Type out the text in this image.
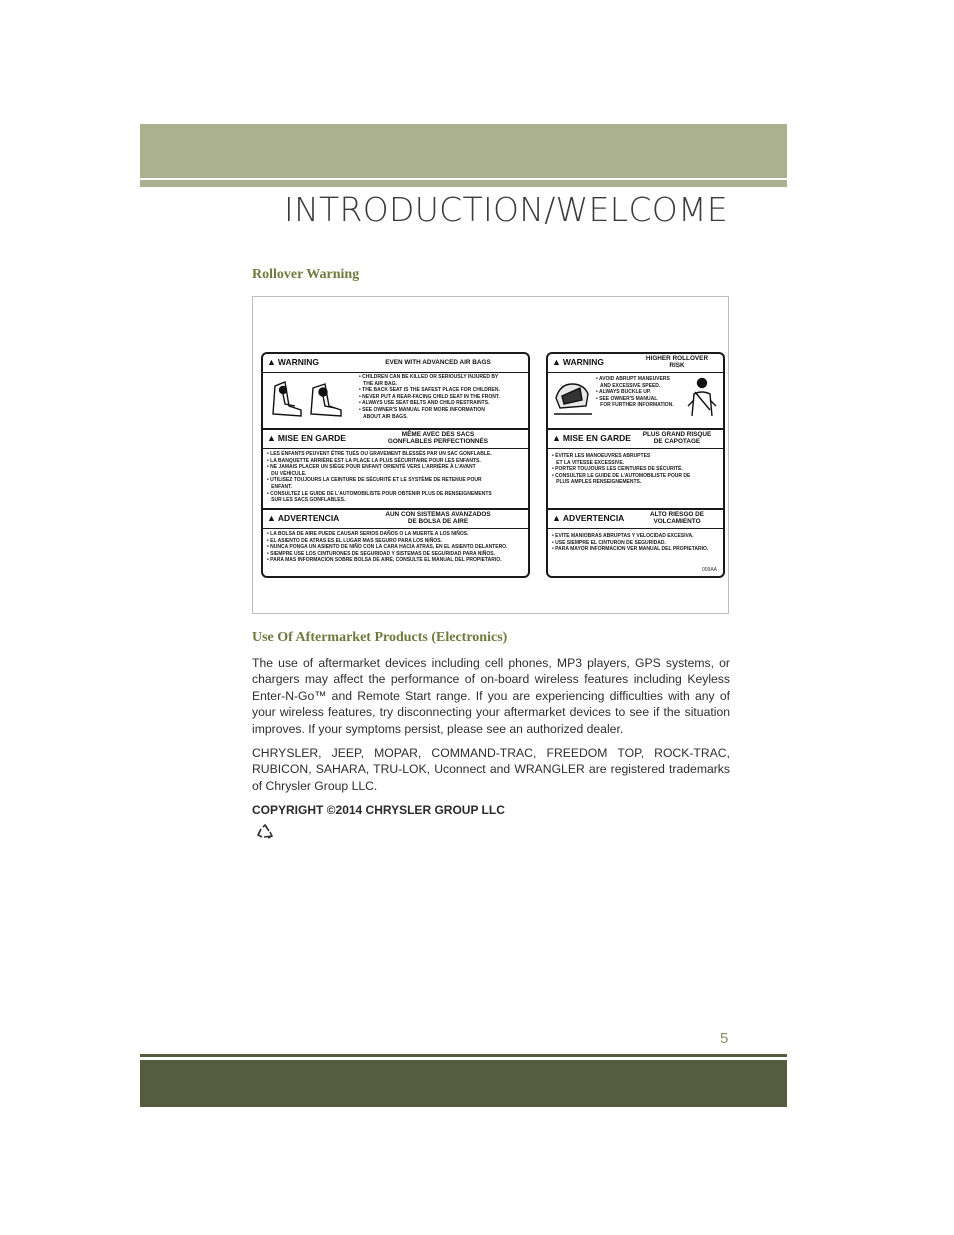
INTRODUCTION/WELCOME
Rollover Warning
▲ WARNING	EVEN WITH ADVANCED AIR BAGS
• CHILDREN CAN BE KILLED OR SERIOUSLY INJURED BY
THE AIR BAG.
• THE BACK SEAT IS THE SAFEST PLACE FOR CHILDREN.
• NEVER PUT A REAR-FACING CHILD SEAT IN THE FRONT.
• ALWAYS USE SEAT BELTS AND CHILD RESTRAINTS.
• SEE OWNER'S MANUAL FOR MORE INFORMATION
ABOUT AIR BAGS.
▲ MISE EN GARDE	MÊME AVEC DES SACS
GONFLABLES PERFECTIONNÉS
• LES ENFANTS PEUVENT ÊTRE TUÉS OU GRAVEMENT BLESSÉS PAR UN SAC GONFLABLE.
• LA BANQUETTE ARRIÈRE EST LA PLACE LA PLUS SÉCURITAIRE POUR LES ENFANTS.
• NE JAMAIS PLACER UN SIÈGE POUR ENFANT ORIENTÉ VERS L'ARRIÈRE À L'AVANT
DU VÉHICULE.
• UTILISEZ TOUJOURS LA CEINTURE DE SÉCURITÉ ET LE SYSTÈME DE RETENUE POUR
ENFANT.
• CONSULTEZ LE GUIDE DE L'AUTOMOBILISTE POUR OBTENIR PLUS DE RENSEIGNEMENTS
SUR LES SACS GONFLABLES.
▲ ADVERTENCIA	AUN CON SISTEMAS AVANZADOS
DE BOLSA DE AIRE
• LA BOLSA DE AIRE PUEDE CAUSAR SERIOS DAÑOS O LA MUERTE A LOS NIÑOS.
• EL ASIENTO DE ATRAS ES EL LUGAR MAS SEGURO PARA LOS NIÑOS.
• NUNCA PONGA UN ASIENTO DE NIÑO CON LA CARA HACIA ATRAS, EN EL ASIENTO DELANTERO.
• SIEMPRE USE LOS CINTURONES DE SEGURIDAD Y SISTEMAS DE SEGURIDAD PARA NIÑOS.
• PARA MAS INFORMACION SOBRE BOLSA DE AIRE, CONSULTE EL MANUAL DEL PROPIETARIO.
▲ WARNING	HIGHER ROLLOVER
RISK
• AVOID ABRUPT MANEUVERS
AND EXCESSIVE SPEED.
• ALWAYS BUCKLE UP.
• SEE OWNER'S MANUAL
FOR FURTHER INFORMATION.
▲ MISE EN GARDE	PLUS GRAND RISQUE
DE CAPOTAGE
• ÉVITER LES MANOEUVRES ABRUPTES
ET LA VITESSE EXCESSIVE.
• PORTER TOUJOURS LES CEINTURES DE SÉCURITÉ.
• CONSULTER LE GUIDE DE L'AUTOMOBILISTE POUR DE
PLUS AMPLES RENSEIGNEMENTS.
▲ ADVERTENCIA	ALTO RIESGO DE
VOLCAMIENTO
• EVITE MANIOBRAS ABRUPTAS Y VELOCIDAD EXCESIVA.
• USE SIEMPRE EL CINTURON DE SEGURIDAD.
• PARA MAYOR INFORMACION VER MANUAL DEL PROPIETARIO.
009AA
Use Of Aftermarket Products (Electronics)

The use of aftermarket devices including cell phones, MP3 players, GPS systems, or chargers may affect the performance of on-board wireless features including Keyless Enter-N-Go™ and Remote Start range. If you are experiencing difficulties with any of your wireless features, try disconnecting your aftermarket devices to see if the situation improves. If your symptoms persist, please see an authorized dealer.

CHRYSLER, JEEP, MOPAR, COMMAND-TRAC, FREEDOM TOP, ROCK-TRAC, RUBICON, SAHARA, TRU-LOK, Uconnect and WRANGLER are registered trademarks of Chrysler Group LLC.

COPYRIGHT ©2014 CHRYSLER GROUP LLC
5
